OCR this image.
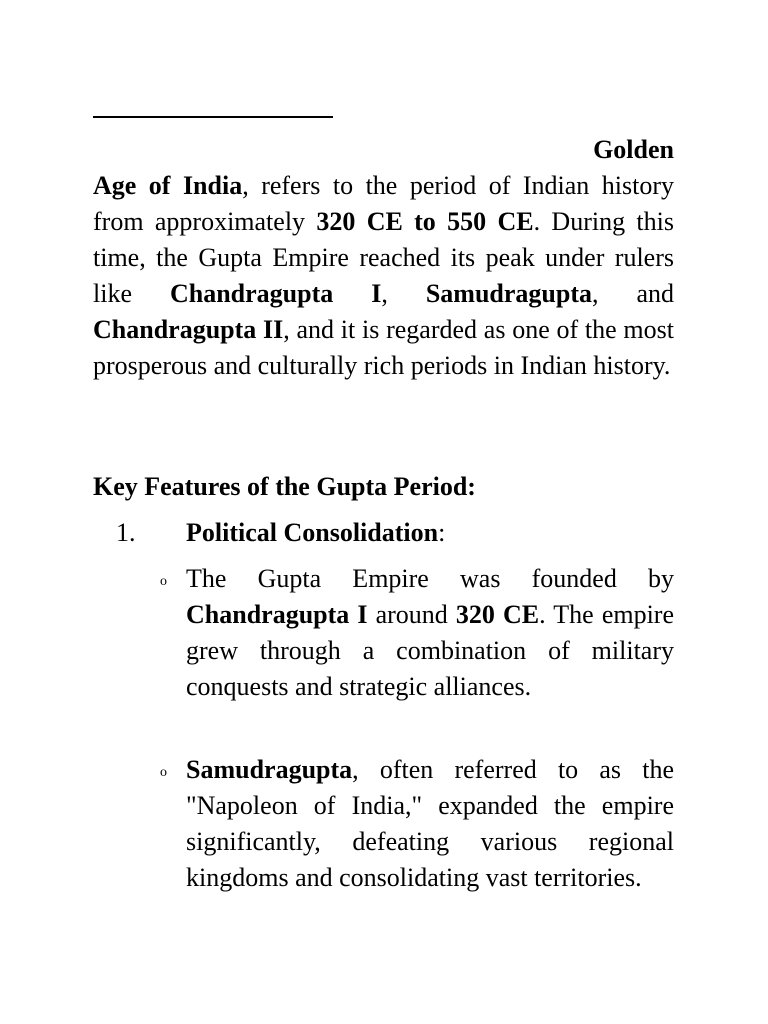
Golden
Age of India, refers to the period of Indian history from approximately 320 CE to 550 CE. During this time, the Gupta Empire reached its peak under rulers like Chandragupta I, Samudragupta, and Chandragupta II, and it is regarded as one of the most prosperous and culturally rich periods in Indian history.

Key Features of the Gupta Period:

1. Political Consolidation:
o The Gupta Empire was founded by Chandragupta I around 320 CE. The empire grew through a combination of military conquests and strategic alliances.

o Samudragupta, often referred to as the "Napoleon of India," expanded the empire significantly, defeating various regional kingdoms and consolidating vast territories.
